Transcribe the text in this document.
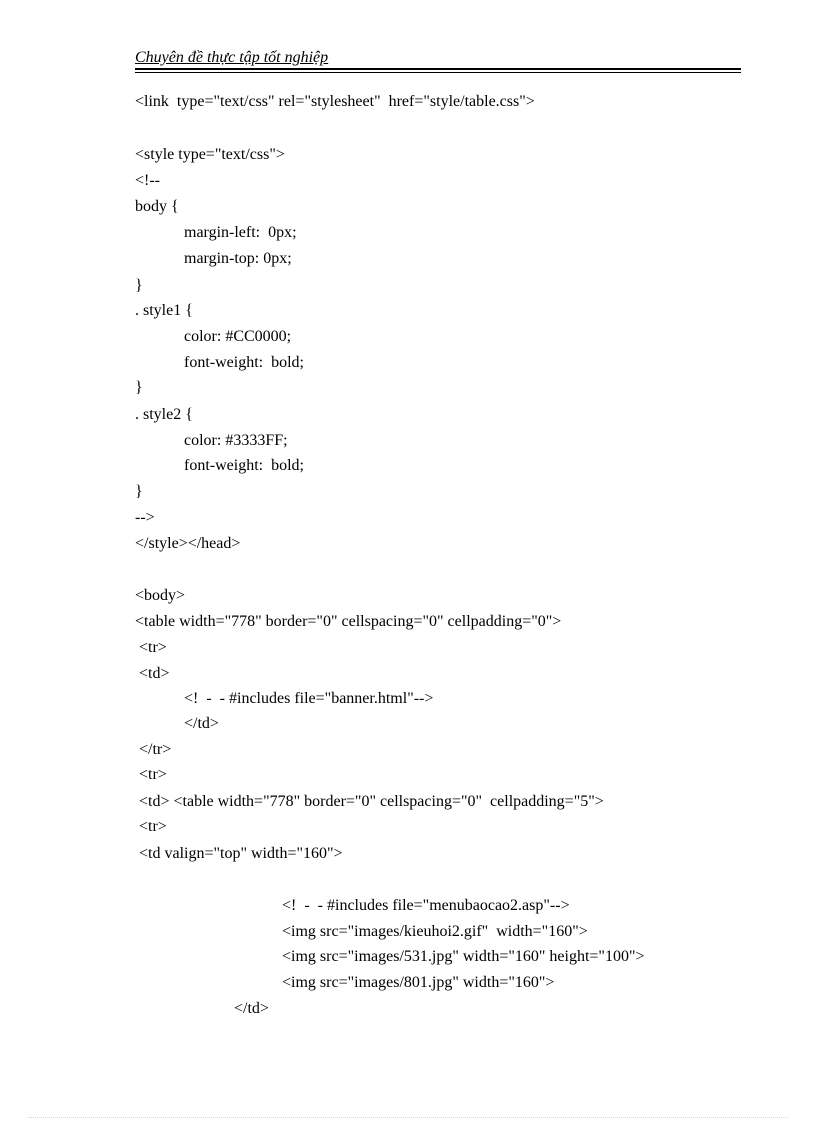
Chuyên đề thực tập tốt nghiệp
<link  type="text/css" rel="stylesheet"  href="style/table.css">
<style type="text/css">
<!--
body {
margin-left:  0px;
margin-top: 0px;
}
. style1 {
color: #CC0000;
font-weight:  bold;
}
. style2 {
color: #3333FF;
font-weight:  bold;
}
-->
</style></head>
<body>
<table width="778" border="0" cellspacing="0" cellpadding="0">
<tr>
<td>
<!  -  - #includes file="banner.html"-->
</td>
</tr>
<tr>
<td> <table width="778" border="0" cellspacing="0"  cellpadding="5">
<tr>
<td valign="top" width="160">
<!  -  - #includes file="menubaocao2.asp"-->
<img src="images/kieuhoi2.gif"  width="160">
<img src="images/531.jpg" width="160" height="100">
<img src="images/801.jpg" width="160">
</td>
